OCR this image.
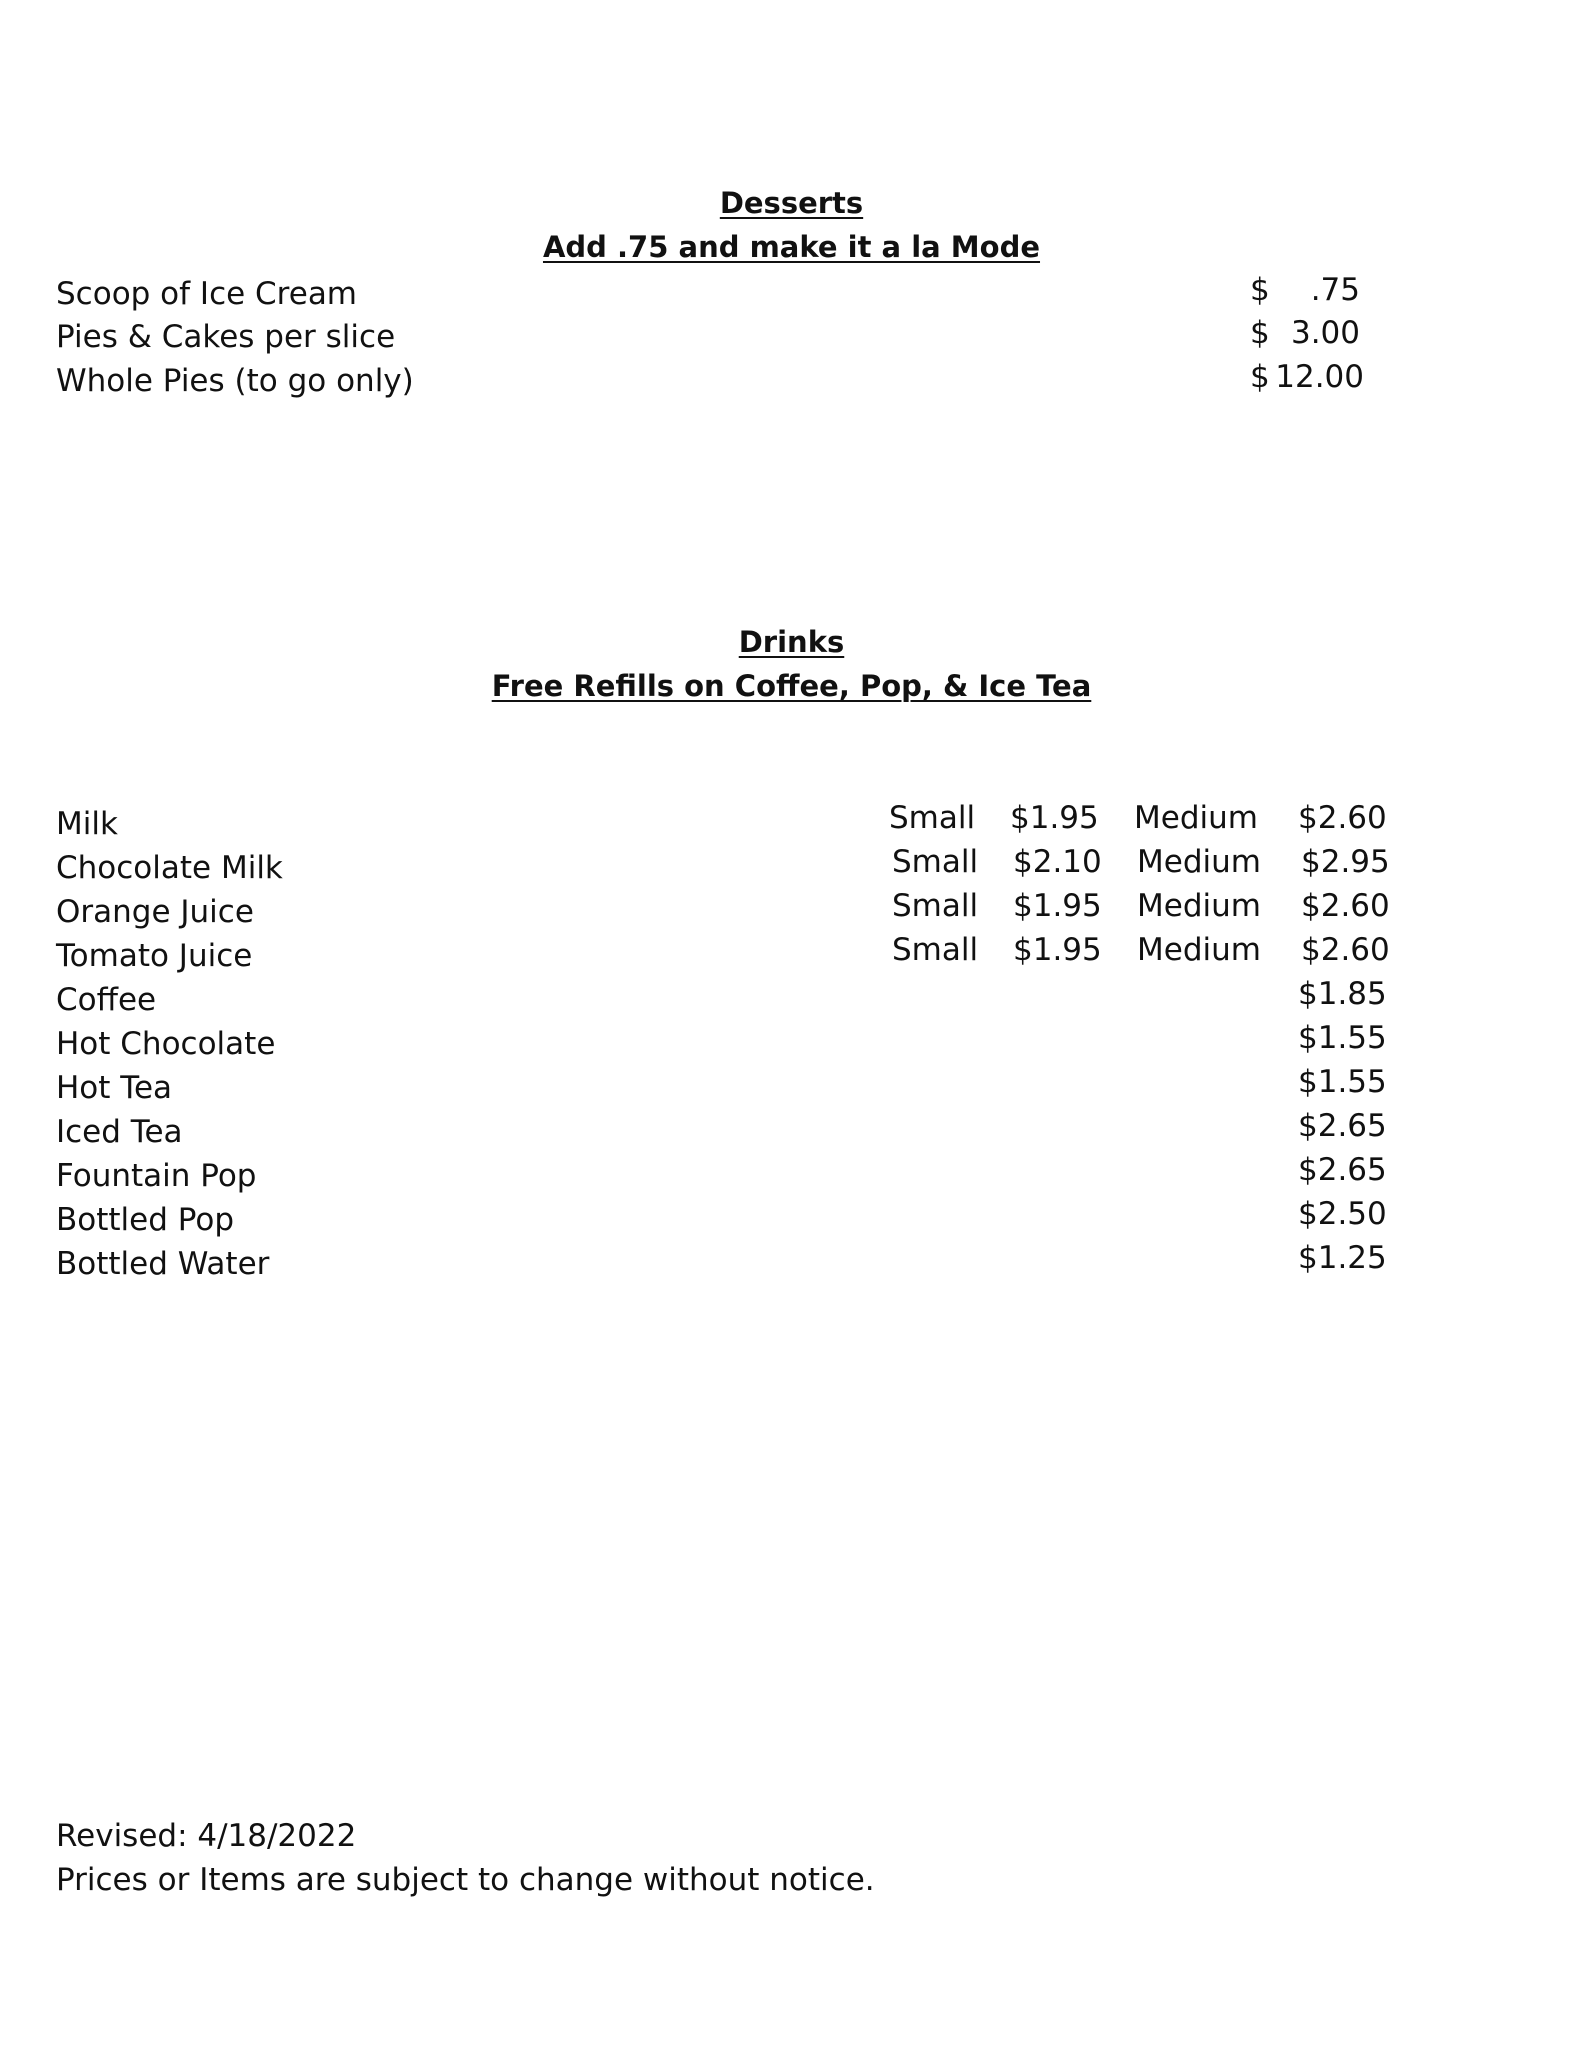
Desserts
Add .75 and make it a la Mode
Scoop of Ice Cream	$	.75
Pies & Cakes per slice	$ 3.00
Whole Pies (to go only)	$ 12.00
Drinks
Free Refills on Coffee, Pop, & Ice Tea
Milk	Small $1.95 Medium $2.60
Chocolate Milk	Small $2.10 Medium $2.95
Orange Juice	Small $1.95 Medium $2.60
Tomato Juice	Small $1.95 Medium $2.60
Coffee	$1.85
Hot Chocolate	$1.55
Hot Tea	$1.55
Iced Tea	$2.65
Fountain Pop	$2.65
Bottled Pop	$2.50
Bottled Water	$1.25
Revised: 4/18/2022
Prices or Items are subject to change without notice.
